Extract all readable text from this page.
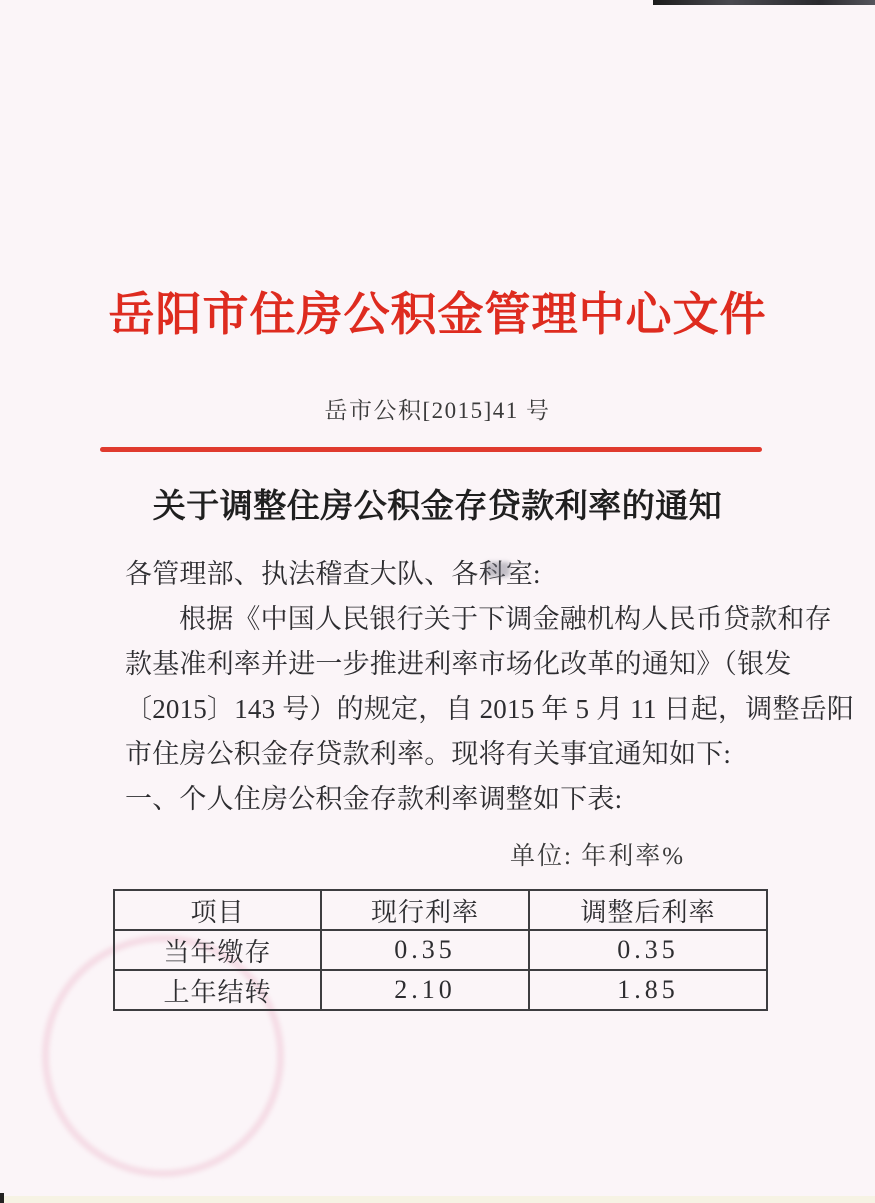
岳阳市住房公积金管理中心文件
岳市公积[2015]41 号
关于调整住房公积金存贷款利率的通知
各管理部、执法稽查大队、各科室:
根据《中国人民银行关于下调金融机构人民币贷款和存
款基准利率并进一步推进利率市场化改革的通知》（银发
〔2015〕143 号）的规定，自 2015 年 5 月 11 日起，调整岳阳
市住房公积金存贷款利率。现将有关事宜通知如下:
一、个人住房公积金存款利率调整如下表:
单位: 年利率%
项目	现行利率	调整后利率
当年缴存	0.35	0.35
上年结转	2.10	1.85
